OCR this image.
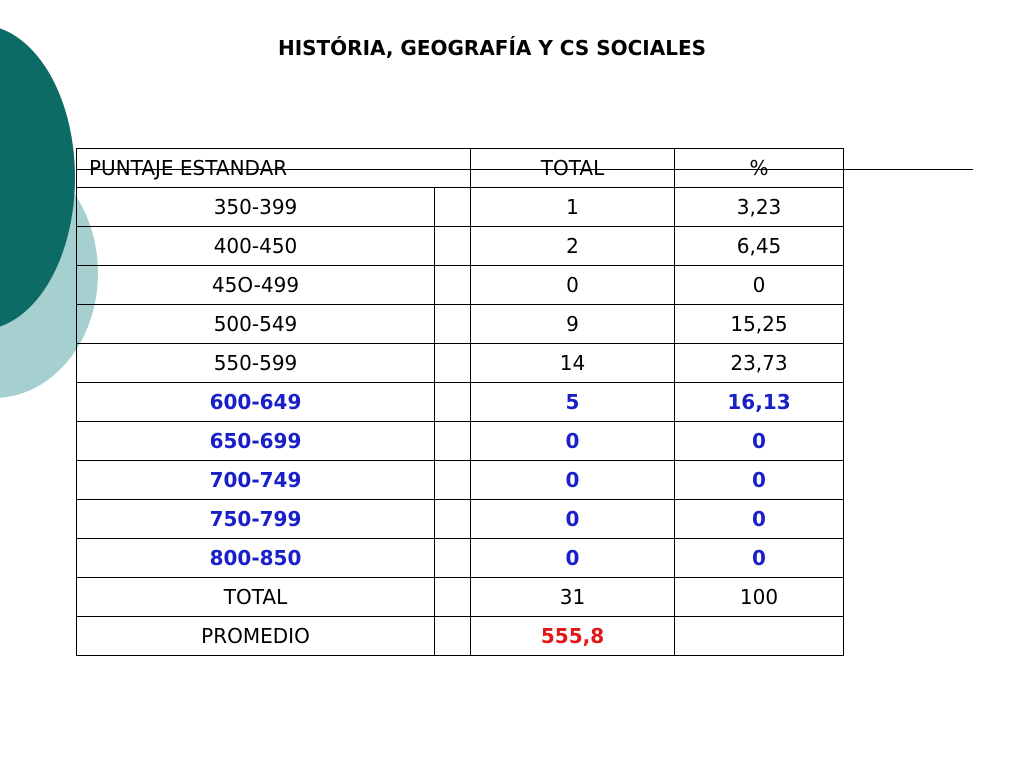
HISTÓRIA, GEOGRAFÍA Y CS SOCIALES
PUNTAJE ESTANDAR		TOTAL	%
350-399		1	3,23
400-450		2	6,45
45O-499		0	0
500-549		9	15,25
550-599		14	23,73
600-649		5	16,13
650-699		0	0
700-749		0	0
750-799		0	0
800-850		0	0
TOTAL		31	100
PROMEDIO		555,8	
